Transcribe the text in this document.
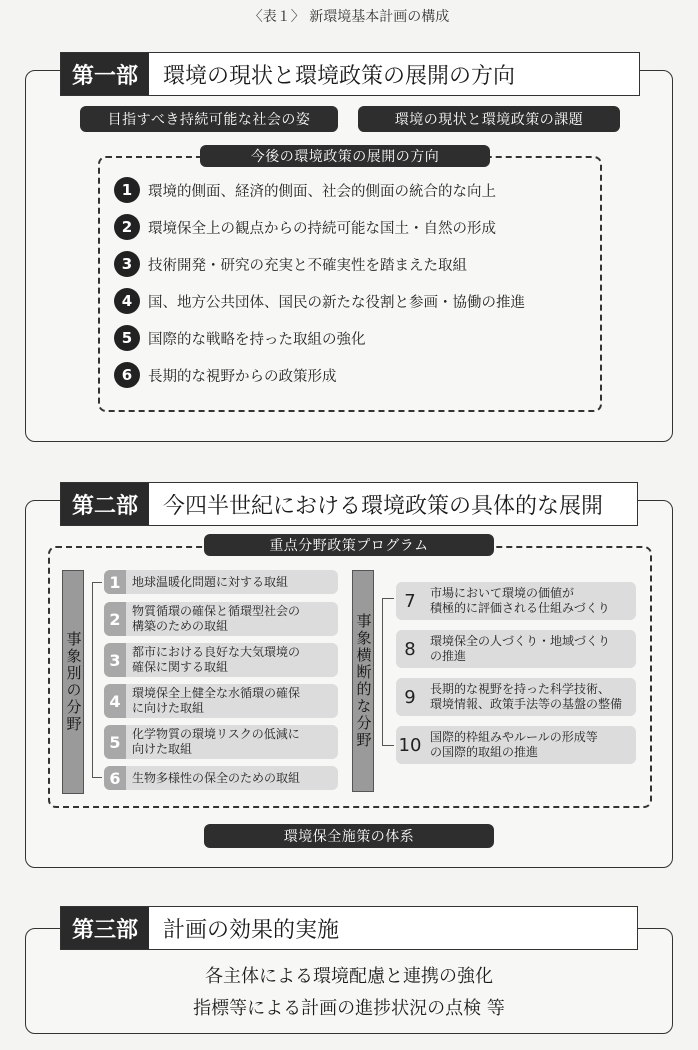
〈表１〉 新環境基本計画の構成
第一部	環境の現状と環境政策の展開の方向
目指すべき持続可能な社会の姿	環境の現状と環境政策の課題
今後の環境政策の展開の方向
1	環境的側面、経済的側面、社会的側面の統合的な向上
2	環境保全上の観点からの持続可能な国土・自然の形成
3	技術開発・研究の充実と不確実性を踏まえた取組
4	国、地方公共団体、国民の新たな役割と参画・協働の推進
5	国際的な戦略を持った取組の強化
6	長期的な視野からの政策形成
第二部	今四半世紀における環境政策の具体的な展開
重点分野政策プログラム
事象別の分野
1 地球温暖化問題に対する取組
2 物質循環の確保と循環型社会の
構築のための取組
3 都市における良好な大気環境の
確保に関する取組
4 環境保全上健全な水循環の確保
に向けた取組
5 化学物質の環境リスクの低減に
向けた取組
6 生物多様性の保全のための取組
事象横断的な分野
7	市場において環境の価値が
積極的に評価される仕組みづくり
8	環境保全の人づくり・地域づくり
の推進
9	長期的な視野を持った科学技術、
環境情報、政策手法等の基盤の整備
10 国際的枠組みやルールの形成等
の国際的取組の推進
環境保全施策の体系
第三部	計画の効果的実施
各主体による環境配慮と連携の強化
指標等による計画の進捗状況の点検 等
